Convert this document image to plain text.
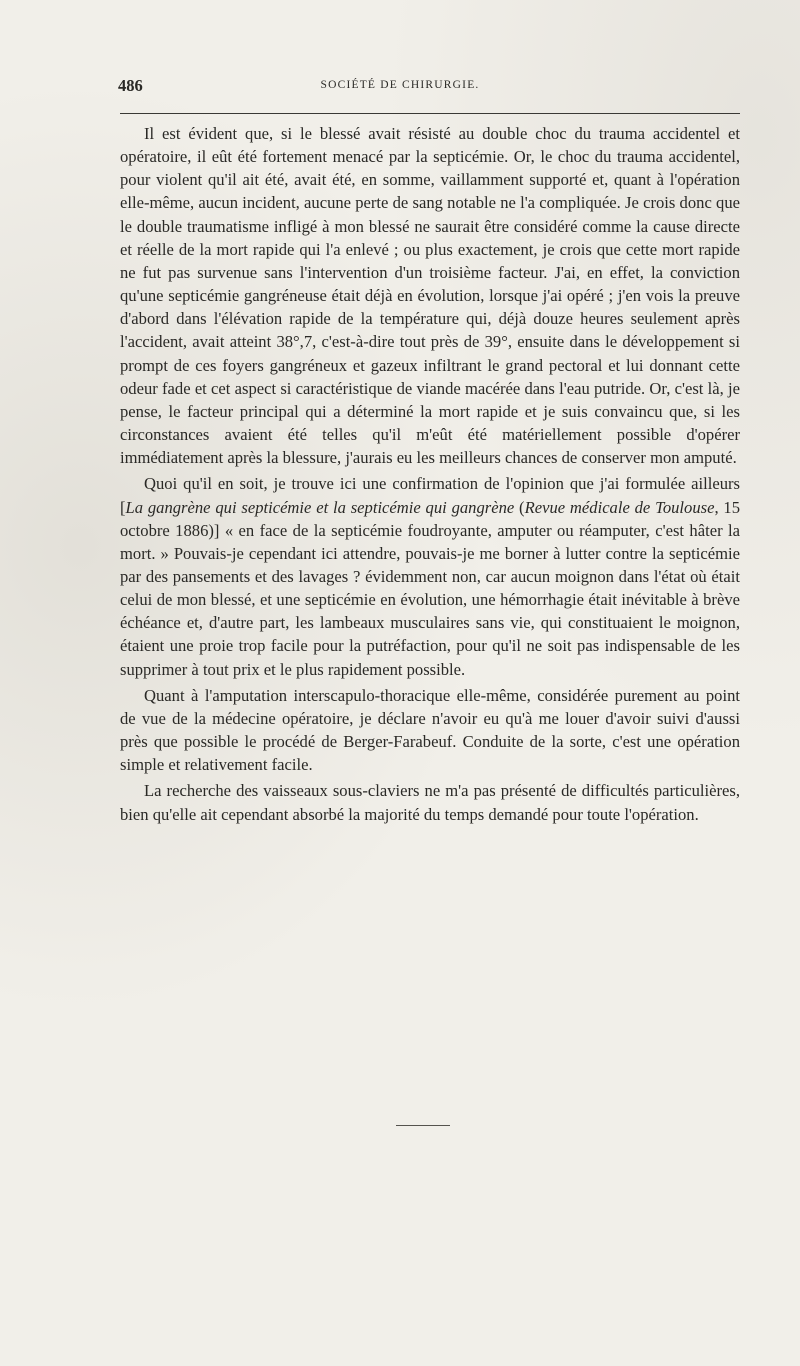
486	SOCIÉTÉ DE CHIRURGIE.

Il est évident que, si le blessé avait résisté au double choc du trauma accidentel et opératoire, il eût été fortement menacé par la septicémie. Or, le choc du trauma accidentel, pour violent qu'il ait été, avait été, en somme, vaillamment supporté et, quant à l'opération elle-même, aucun incident, aucune perte de sang notable ne l'a compliquée. Je crois donc que le double traumatisme infligé à mon blessé ne saurait être considéré comme la cause directe et réelle de la mort rapide qui l'a enlevé ; ou plus exactement, je crois que cette mort rapide ne fut pas survenue sans l'intervention d'un troisième facteur. J'ai, en effet, la conviction qu'une septicémie gangréneuse était déjà en évolution, lorsque j'ai opéré ; j'en vois la preuve d'abord dans l'élévation rapide de la température qui, déjà douze heures seulement après l'accident, avait atteint 38°,7, c'est-à-dire tout près de 39°, ensuite dans le développement si prompt de ces foyers gangréneux et gazeux infiltrant le grand pectoral et lui donnant cette odeur fade et cet aspect si caractéristique de viande macérée dans l'eau putride. Or, c'est là, je pense, le facteur principal qui a déterminé la mort rapide et je suis convaincu que, si les circonstances avaient été telles qu'il m'eût été matériellement possible d'opérer immédiatement après la blessure, j'aurais eu les meilleurs chances de conserver mon amputé.

Quoi qu'il en soit, je trouve ici une confirmation de l'opinion que j'ai formulée ailleurs [La gangrène qui septicémie et la septicémie qui gangrène (Revue médicale de Toulouse, 15 octobre 1886)] « en face de la septicémie foudroyante, amputer ou réamputer, c'est hâter la mort. » Pouvais-je cependant ici attendre, pouvais-je me borner à lutter contre la septicémie par des pansements et des lavages ? évidemment non, car aucun moignon dans l'état où était celui de mon blessé, et une septicémie en évolution, une hémorrhagie était inévitable à brève échéance et, d'autre part, les lambeaux musculaires sans vie, qui constituaient le moignon, étaient une proie trop facile pour la putréfaction, pour qu'il ne soit pas indispensable de les supprimer à tout prix et le plus rapidement possible.

Quant à l'amputation interscapulo-thoracique elle-même, considérée purement au point de vue de la médecine opératoire, je déclare n'avoir eu qu'à me louer d'avoir suivi d'aussi près que possible le procédé de Berger-Farabeuf. Conduite de la sorte, c'est une opération simple et relativement facile.

La recherche des vaisseaux sous-claviers ne m'a pas présenté de difficultés particulières, bien qu'elle ait cependant absorbé la majorité du temps demandé pour toute l'opération.
